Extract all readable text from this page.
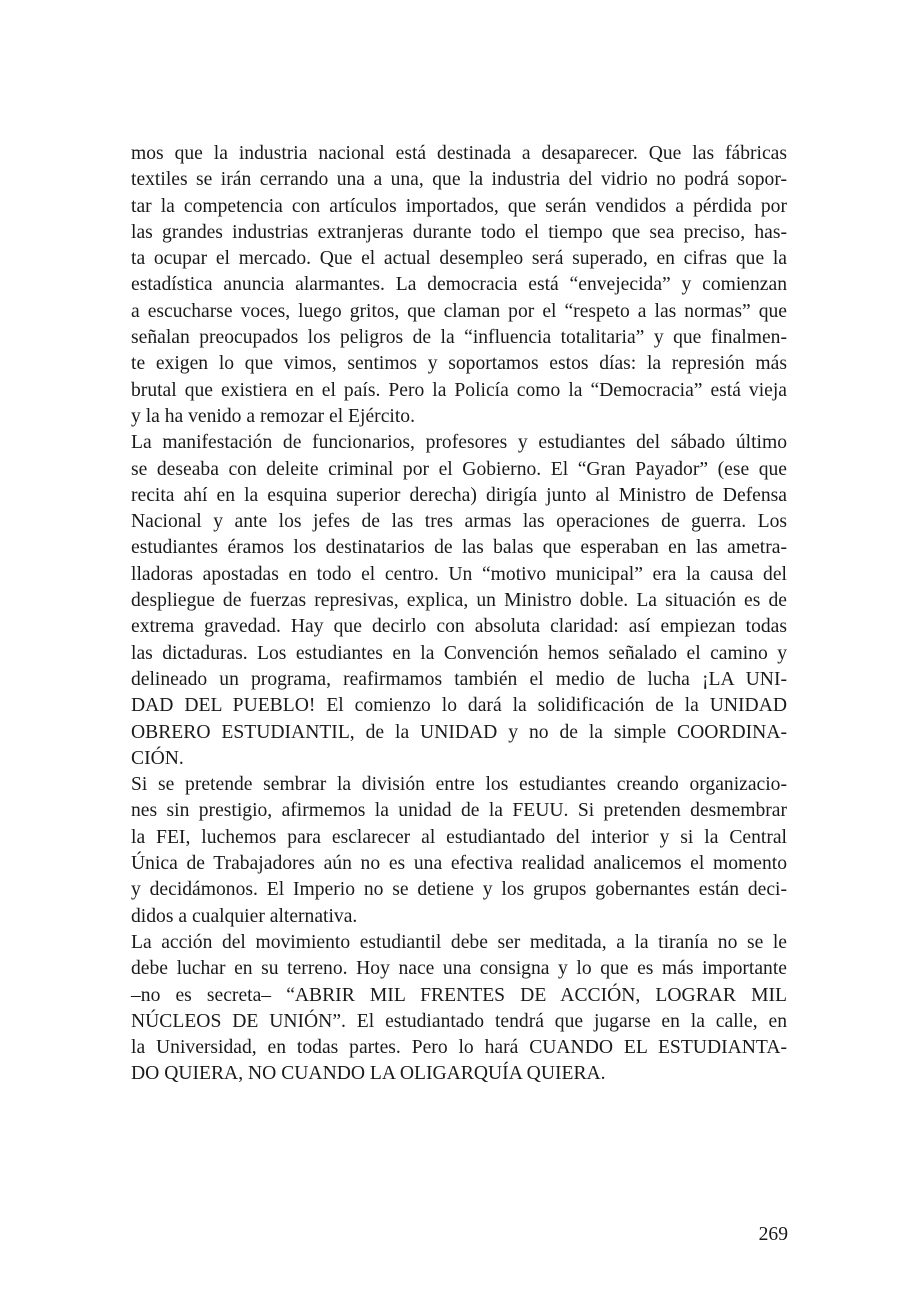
mos que la industria nacional está destinada a desaparecer. Que las fábricas
textiles se irán cerrando una a una, que la industria del vidrio no podrá sopor-
tar la competencia con artículos importados, que serán vendidos a pérdida por
las grandes industrias extranjeras durante todo el tiempo que sea preciso, has-
ta ocupar el mercado. Que el actual desempleo será superado, en cifras que la
estadística anuncia alarmantes. La democracia está “envejecida” y comienzan
a escucharse voces, luego gritos, que claman por el “respeto a las normas” que
señalan preocupados los peligros de la “influencia totalitaria” y que finalmen-
te exigen lo que vimos, sentimos y soportamos estos días: la represión más
brutal que existiera en el país. Pero la Policía como la “Democracia” está vieja
y la ha venido a remozar el Ejército.
La manifestación de funcionarios, profesores y estudiantes del sábado último
se deseaba con deleite criminal por el Gobierno. El “Gran Payador” (ese que
recita ahí en la esquina superior derecha) dirigía junto al Ministro de Defensa
Nacional y ante los jefes de las tres armas las operaciones de guerra. Los
estudiantes éramos los destinatarios de las balas que esperaban en las ametra-
lladoras apostadas en todo el centro. Un “motivo municipal” era la causa del
despliegue de fuerzas represivas, explica, un Ministro doble. La situación es de
extrema gravedad. Hay que decirlo con absoluta claridad: así empiezan todas
las dictaduras. Los estudiantes en la Convención hemos señalado el camino y
delineado un programa, reafirmamos también el medio de lucha ¡LA UNI-
DAD DEL PUEBLO! El comienzo lo dará la solidificación de la UNIDAD
OBRERO ESTUDIANTIL, de la UNIDAD y no de la simple COORDINA-
CIÓN.
Si se pretende sembrar la división entre los estudiantes creando organizacio-
nes sin prestigio, afirmemos la unidad de la FEUU. Si pretenden desmembrar
la FEI, luchemos para esclarecer al estudiantado del interior y si la Central
Única de Trabajadores aún no es una efectiva realidad analicemos el momento
y decidámonos. El Imperio no se detiene y los grupos gobernantes están deci-
didos a cualquier alternativa.
La acción del movimiento estudiantil debe ser meditada, a la tiranía no se le
debe luchar en su terreno. Hoy nace una consigna y lo que es más importante
–no es secreta– “ABRIR MIL FRENTES DE ACCIÓN, LOGRAR MIL
NÚCLEOS DE UNIÓN”. El estudiantado tendrá que jugarse en la calle, en
la Universidad, en todas partes. Pero lo hará CUANDO EL ESTUDIANTA-
DO QUIERA, NO CUANDO LA OLIGARQUÍA QUIERA.
269
